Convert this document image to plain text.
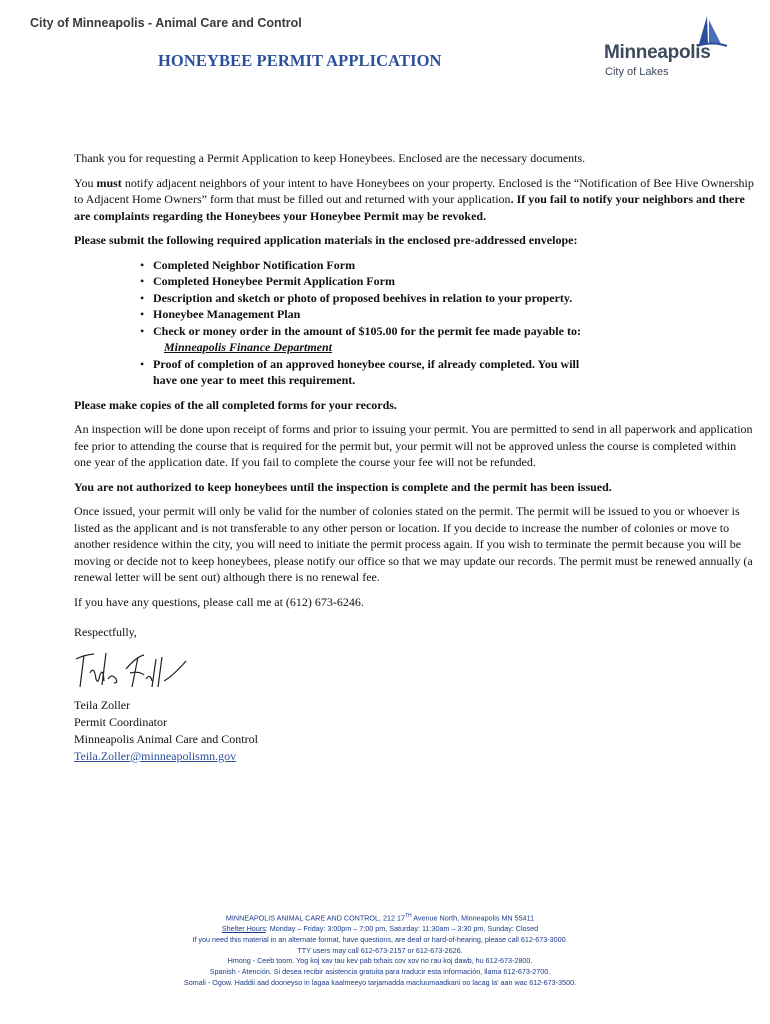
City of Minneapolis - Animal Care and Control
HONEYBEE PERMIT APPLICATION	Minneapolis
City of Lakes

Thank you for requesting a Permit Application to keep Honeybees. Enclosed are the necessary documents.

You must notify adjacent neighbors of your intent to have Honeybees on your property. Enclosed is the “Notification of Bee Hive Ownership to Adjacent Home Owners” form that must be filled out and returned with your application. If you fail to notify your neighbors and there are complaints regarding the Honeybees your Honeybee Permit may be revoked.

Please submit the following required application materials in the enclosed pre-addressed envelope:

• Completed Neighbor Notification Form
• Completed Honeybee Permit Application Form
• Description and sketch or photo of proposed beehives in relation to your property.
• Honeybee Management Plan
• Check or money order in the amount of $105.00 for the permit fee made payable to:
Minneapolis Finance Department
• Proof of completion of an approved honeybee course, if already completed. You will
have one year to meet this requirement.

Please make copies of the all completed forms for your records.

An inspection will be done upon receipt of forms and prior to issuing your permit. You are permitted to send in all paperwork and application fee prior to attending the course that is required for the permit but, your permit will not be approved unless the course is completed within one year of the application date. If you fail to complete the course your fee will not be refunded.

You are not authorized to keep honeybees until the inspection is complete and the permit has been issued.

Once issued, your permit will only be valid for the number of colonies stated on the permit. The permit will be issued to you or whoever is listed as the applicant and is not transferable to any other person or location. If you decide to increase the number of colonies or move to another residence within the city, you will need to initiate the permit process again. If you wish to terminate the permit because you will be moving or decide not to keep honeybees, please notify our office so that we may update our records. The permit must be renewed annually (a renewal letter will be sent out) although there is no renewal fee.

If you have any questions, please call me at (612) 673-6246.

Respectfully,

Teila Zoller

Permit Coordinator

Minneapolis Animal Care and Control

Teila.Zoller@minneapolismn.gov

MINNEAPOLIS ANIMAL CARE AND CONTROL, 212 17TH Avenue North, Minneapolis MN 55411
Shelter Hours: Monday – Friday: 3:00pm – 7:00 pm, Saturday: 11:30am – 3:30 pm, Sunday: Closed
If you need this material in an alternate format, have questions, are deaf or hard-of-hearing, please call 612-673-3000.
TTY users may call 612-673-2157 or 612-673-2626.
Hmong - Ceeb toom. Yog koj xav tau kev pab txhais cov xov no rau koj dawb, hu 612-673-2800.
Spanish - Atención. Si desea recibir asistencia gratuita para traducir esta información, llama 612-673-2700.
Somali - Ogow. Haddii aad dooneyso in lagaa kaalmeeyo tarjamadda macluumaadkani oo lacag la' aan wac 612-673-3500.
